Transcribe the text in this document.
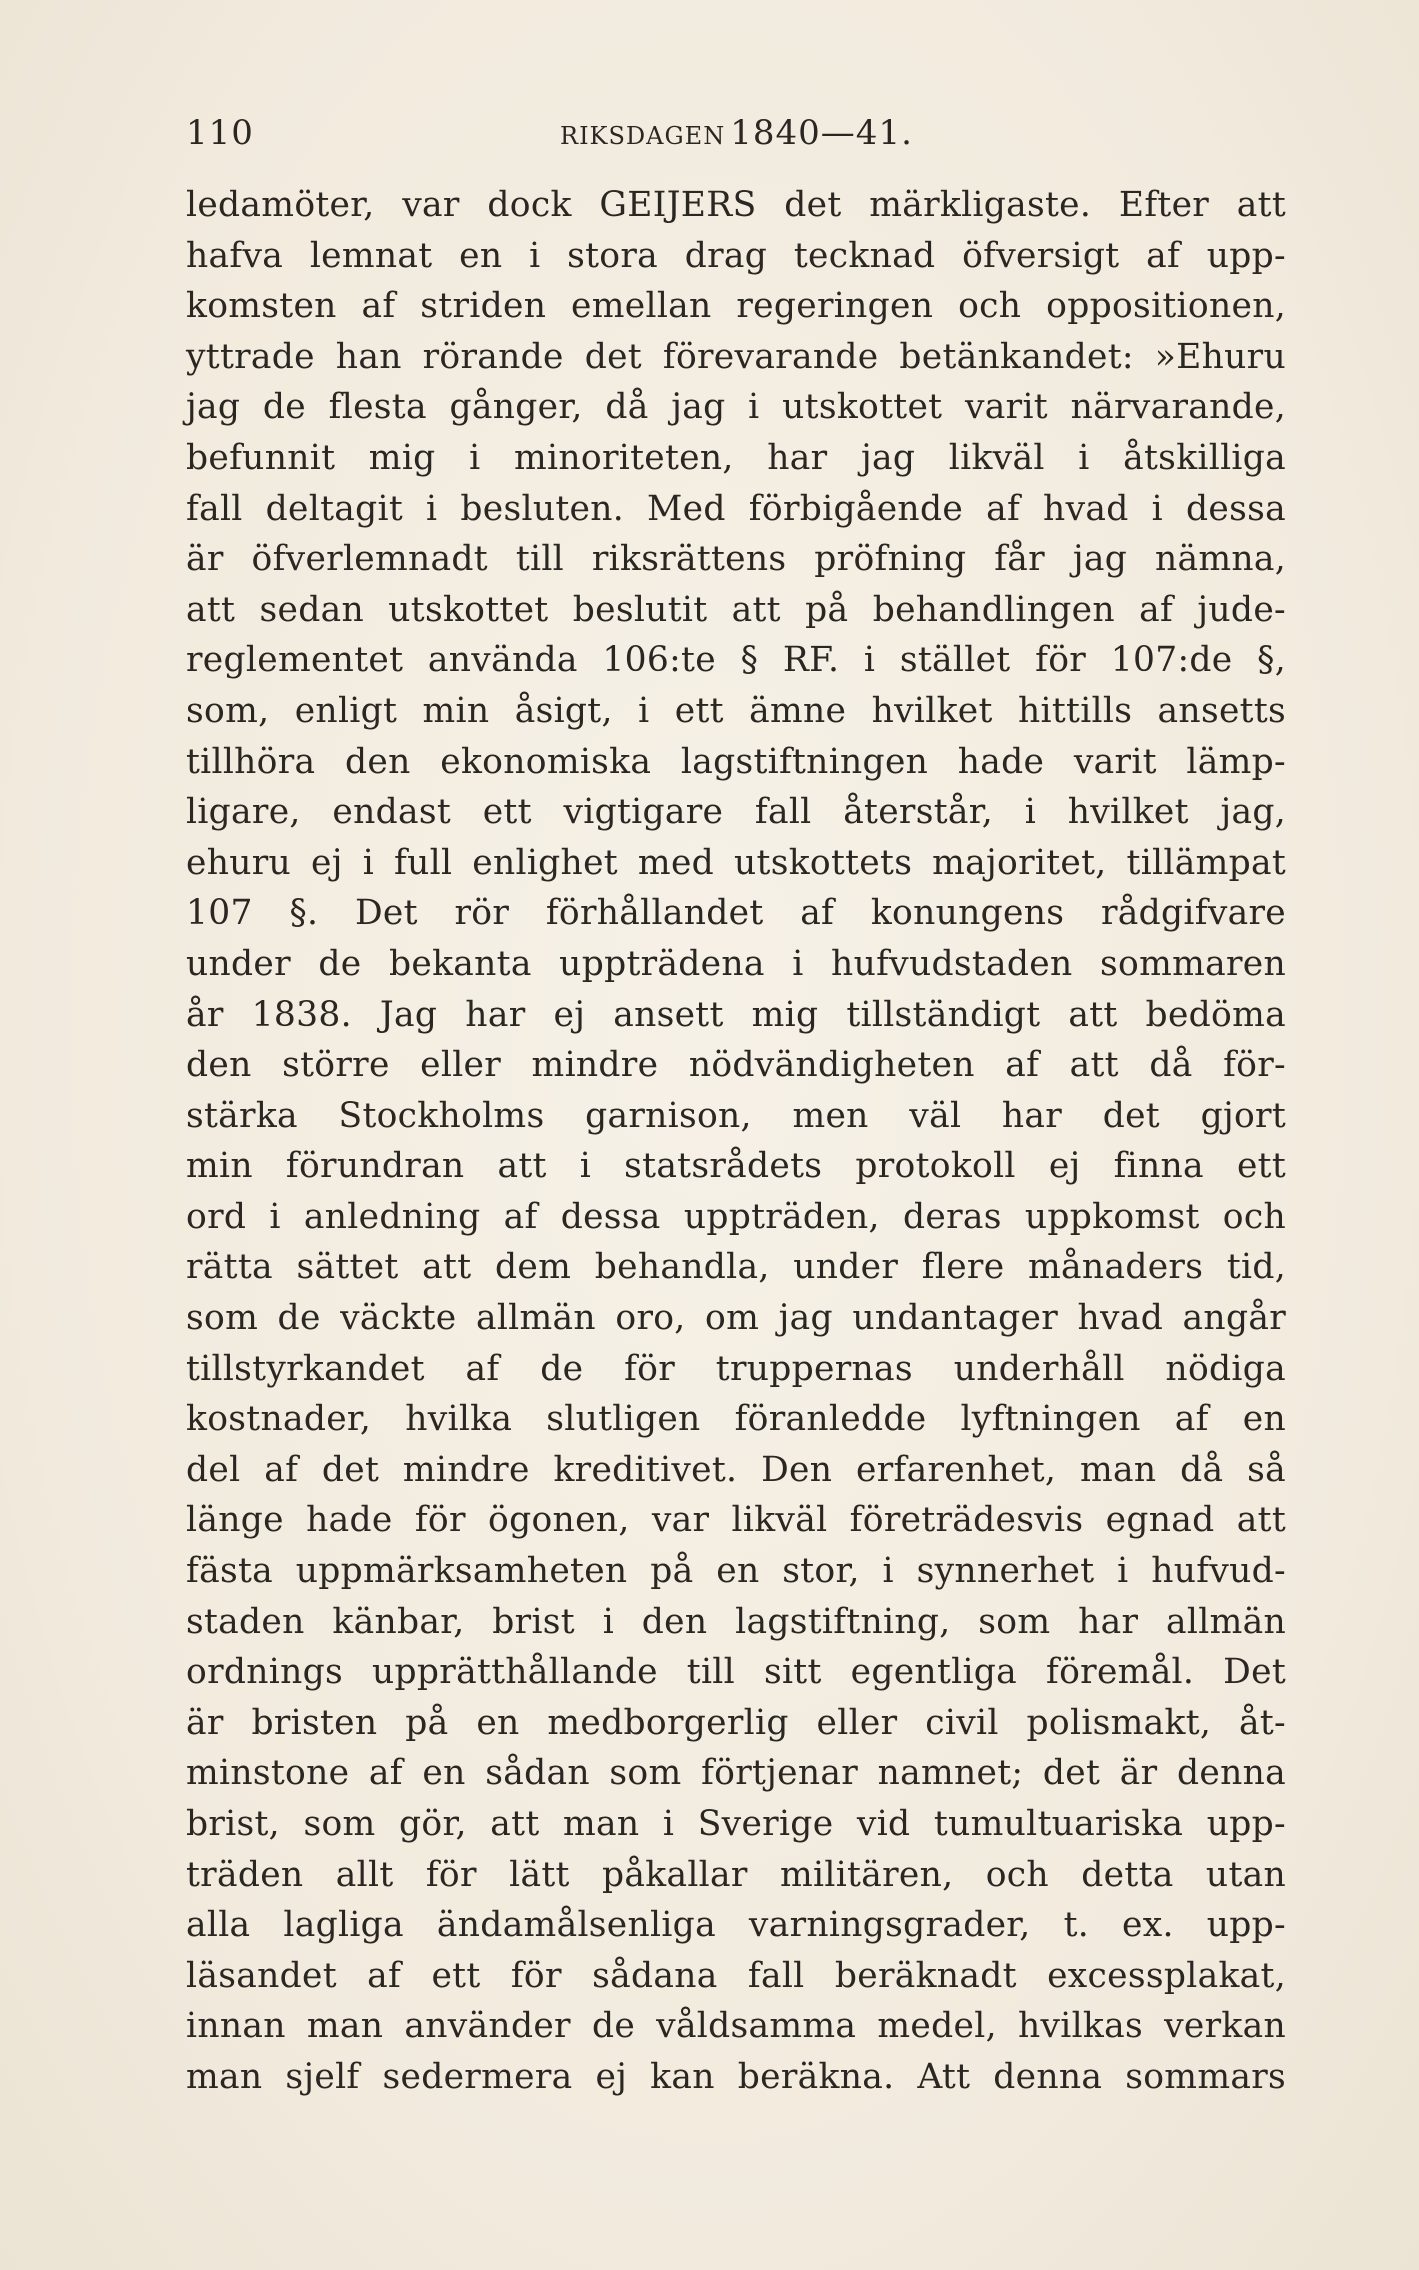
110	RIKSDAGEN 1840—41.
ledamöter, var dock GEIJERS det märkligaste. Efter att
hafva lemnat en i stora drag tecknad öfversigt af upp-
komsten af striden emellan regeringen och oppositionen,
yttrade han rörande det förevarande betänkandet: »Ehuru
jag de flesta gånger, då jag i utskottet varit närvarande,
befunnit mig i minoriteten, har jag likväl i åtskilliga
fall deltagit i besluten. Med förbigående af hvad i dessa
är öfverlemnadt till riksrättens pröfning får jag nämna,
att sedan utskottet beslutit att på behandlingen af jude-
reglementet använda 106:te § RF. i stället för 107:de §,
som, enligt min åsigt, i ett ämne hvilket hittills ansetts
tillhöra den ekonomiska lagstiftningen hade varit lämp-
ligare, endast ett vigtigare fall återstår, i hvilket jag,
ehuru ej i full enlighet med utskottets majoritet, tillämpat
107 §. Det rör förhållandet af konungens rådgifvare
under de bekanta uppträdena i hufvudstaden sommaren
år 1838. Jag har ej ansett mig tillständigt att bedöma
den större eller mindre nödvändigheten af att då för-
stärka Stockholms garnison, men väl har det gjort
min förundran att i statsrådets protokoll ej finna ett
ord i anledning af dessa uppträden, deras uppkomst och
rätta sättet att dem behandla, under flere månaders tid,
som de väckte allmän oro, om jag undantager hvad angår
tillstyrkandet af de för truppernas underhåll nödiga
kostnader, hvilka slutligen föranledde lyftningen af en
del af det mindre kreditivet. Den erfarenhet, man då så
länge hade för ögonen, var likväl företrädesvis egnad att
fästa uppmärksamheten på en stor, i synnerhet i hufvud-
staden känbar, brist i den lagstiftning, som har allmän
ordnings upprätthållande till sitt egentliga föremål. Det
är bristen på en medborgerlig eller civil polismakt, åt-
minstone af en sådan som förtjenar namnet; det är denna
brist, som gör, att man i Sverige vid tumultuariska upp-
träden allt för lätt påkallar militären, och detta utan
alla lagliga ändamålsenliga varningsgrader, t. ex. upp-
läsandet af ett för sådana fall beräknadt excessplakat,
innan man använder de våldsamma medel, hvilkas verkan
man sjelf sedermera ej kan beräkna. Att denna sommars
